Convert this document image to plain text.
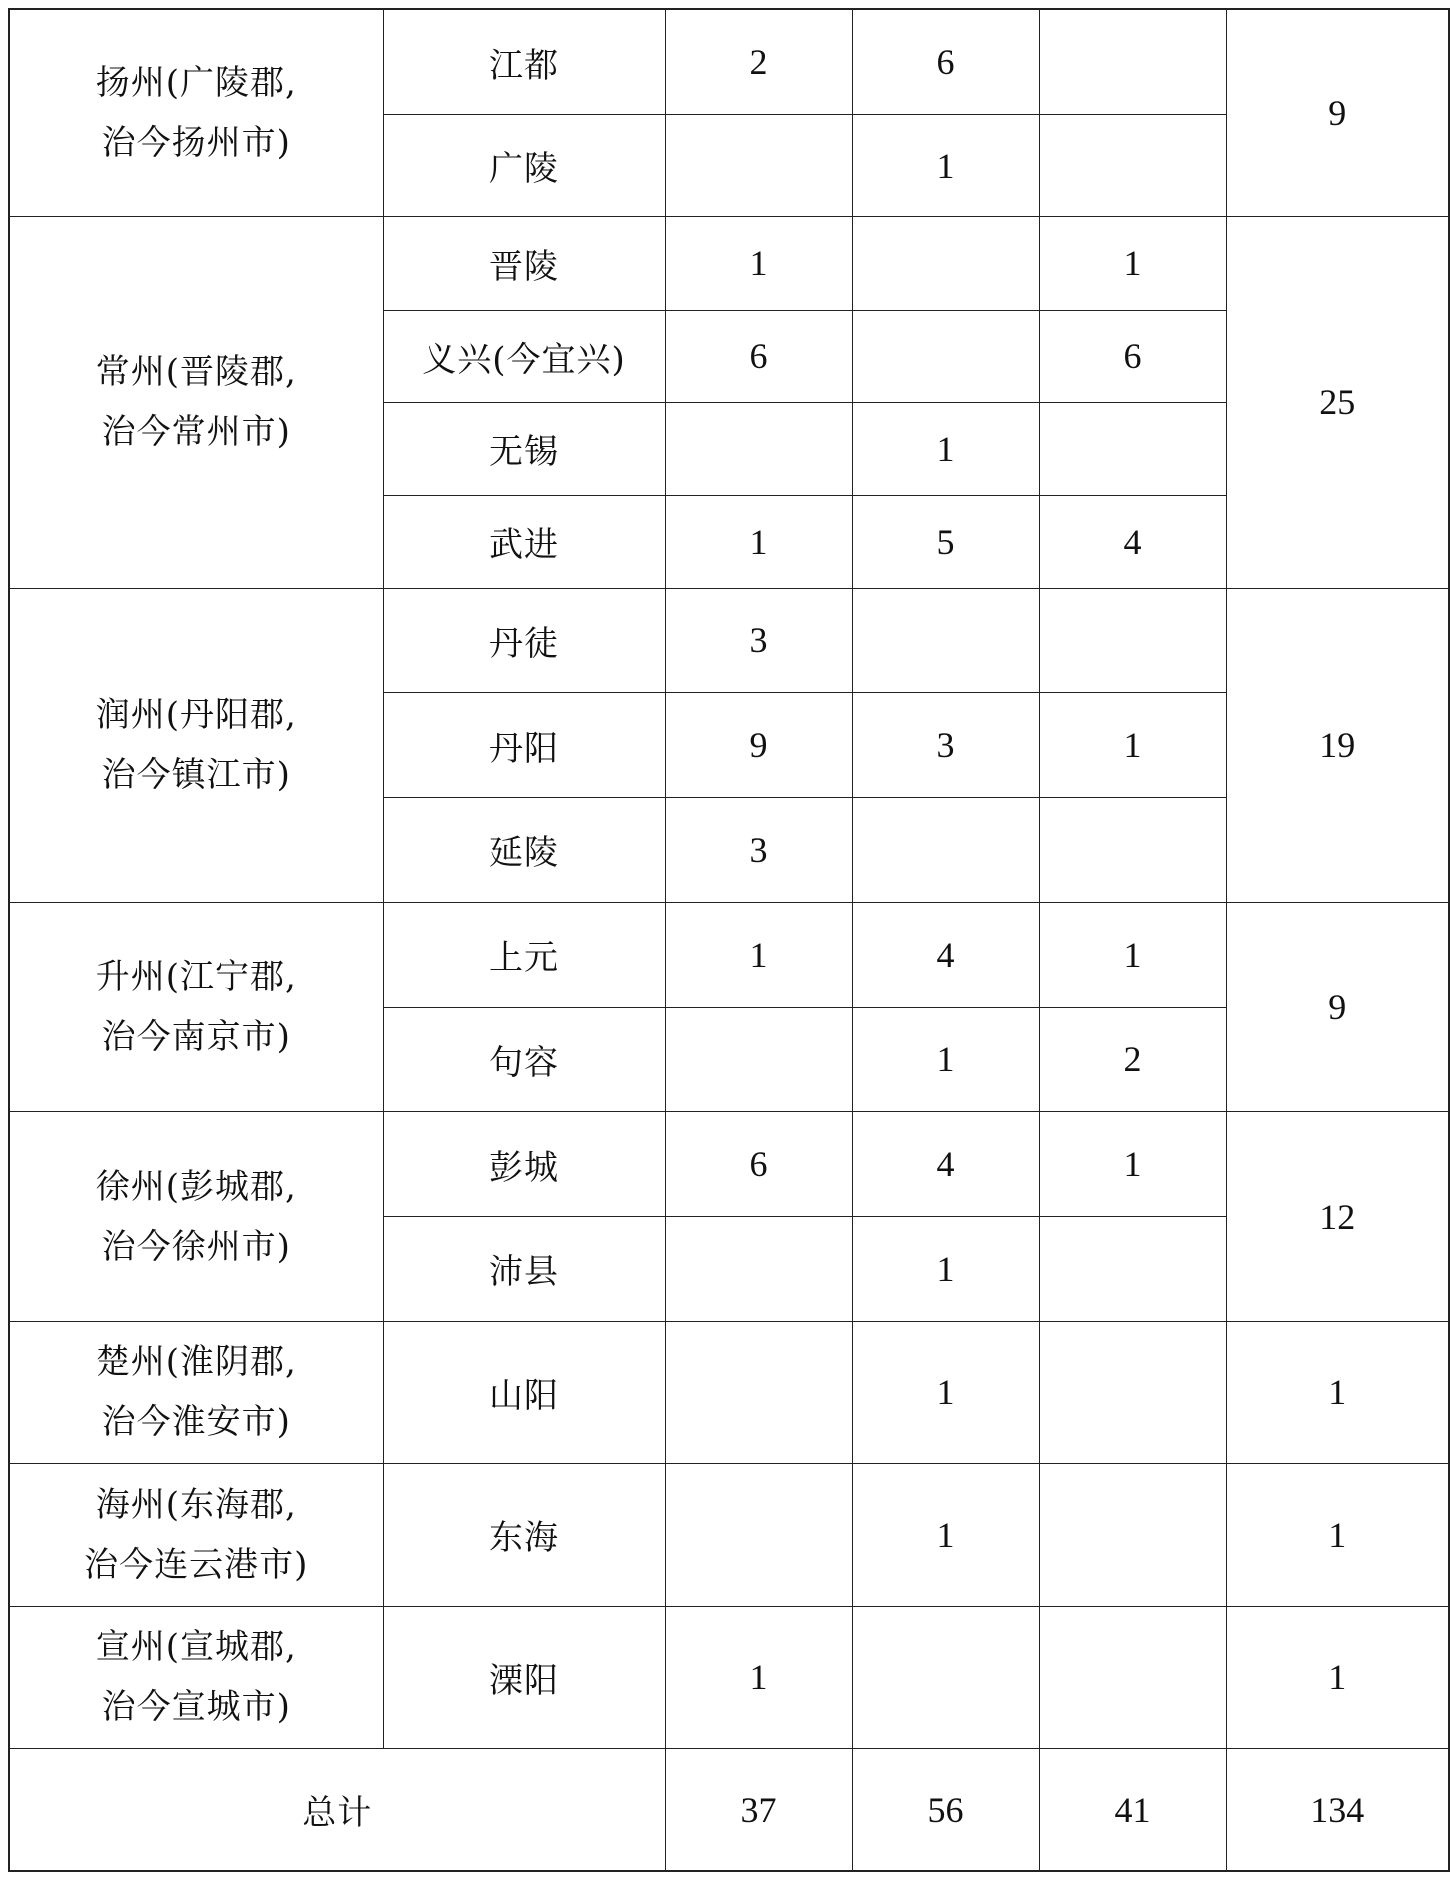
扬州(广陵郡,
治今扬州市)	江都	2	6		9
	广陵		1		

常州(晋陵郡,
治今常州市)	晋陵	1		1	25
	义兴(今宜兴)	6		6	
	无锡		1		
	武进	1	5	4	

润州(丹阳郡,
治今镇江市)	丹徒	3			19
	丹阳	9	3	1	
	延陵	3			

升州(江宁郡,
治今南京市)	上元	1	4	1	9
	句容		1	2	

徐州(彭城郡,
治今徐州市)	彭城	6	4	1	12
	沛县		1		

楚州(淮阴郡,
治今淮安市)	山阳		1		1

海州(东海郡,
治今连云港市)	东海		1		1

宣州(宣城郡,
治今宣城市)	溧阳	1			1
总计		37	56	41	134
